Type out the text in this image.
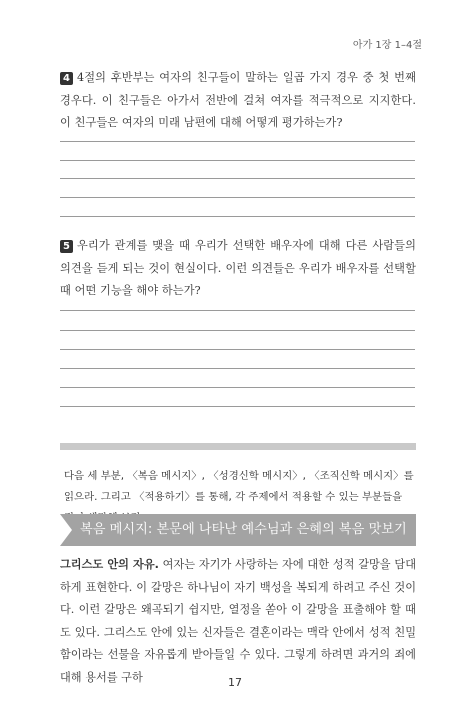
아가 1장 1–4절
4 4절의 후반부는 여자의 친구들이 말하는 일곱 가지 경우 중 첫 번째 경우다. 이 친구들은 아가서 전반에 걸쳐 여자를 적극적으로 지지한다. 이 친구들은 여자의 미래 남편에 대해 어떻게 평가하는가?
5 우리가 관계를 맺을 때 우리가 선택한 배우자에 대해 다른 사람들의 의견을 듣게 되는 것이 현실이다. 이런 의견들은 우리가 배우자를 선택할 때 어떤 기능을 해야 하는가?
다음 세 부분, 〈복음 메시지〉, 〈성경신학 메시지〉, 〈조직신학 메시지〉를 읽으라. 그리고 〈적용하기〉를 통해, 각 주제에서 적용할 수 있는 부분들을
복음 메시지: 본문에 나타난 예수님과 은혜의 복음 맛보기
그리스도 안의 자유. 여자는 자기가 사랑하는 자에 대한 성적 갈망을 담대하게 표현한다. 이 갈망은 하나님이 자기 백성을 복되게 하려고 주신 것이다. 이런 갈망은 왜곡되기 쉽지만, 열정을 쏟아 이 갈망을 표출해야 할 때도 있다. 그리스도 안에 있는 신자들은 결혼이라는 맥락 안에서 성적 친밀함이라는 선물을 자유롭게 받아들일 수 있다. 그렇게 하려면 과거의 죄에 대해 용서를 구하	17
